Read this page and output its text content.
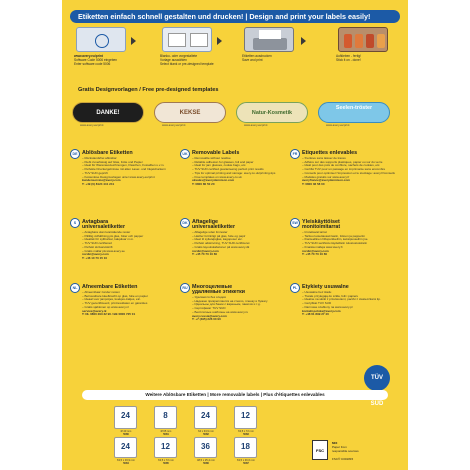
Etiketten einfach schnell gestalten und drucken! | Design and print your labels easily!
www.avery.eu/print
Software Code 5006 eingeben
Enter software code 5006
Blanko- oder vorgestaltete
Vorlage auswählen
Select blank or pre-designed template
Etiketten ausdrucken
Save and print
Aufkleben - fertig!
Stick it on - done!
Gratis Designvorlagen / Free pre-designed templates
DANKE!
www.avery.eu/print
KEKSE
www.avery.eu/print
Natur-Kosmetik
www.avery.eu/print
Seelen-tröster
www.avery.eu/print
DE Ablösbare Etiketten
– Rückstandsfrei ablösbar
– Klebt zuverlässig auf Glas, Folie und Papier
– Ideal für Warenauszeichnungen, Flaschen, Fotoalben u.v.m.
– Perfekte Druckergebnisse mit allen Laser- und Inkjetdruckern
– TÜV SÜD geprüft
– Kostenlose Designvorlagen unter www.avery.eu/print
kundenservice@avery.com
T: +49 (0) 8124 441 241
UK Removable Labels
– Removable without residue
– Reliable adhesion for glasses, foil and paper
– Ideal for jam glasses, cookie bags, etc.
– TÜV SÜD certified guaranteeing perfect print results
– Tips for optimal printing and storage: avery.co.uk/printing-tips
– Free templates on www.avery.co.uk
uksales@averydennison.com
T: 0800 80 50 20
FR Etiquettes enlevables
– S'enlève sans laisser de traces
– Adhère sur des supports plastiques, papier ou sur du verre
– Idéal pour des pots de confiture, sachets de cookies, etc.
– Certifié TÜV pour un passage en imprimante sans encombre
– Conseils pour optimiser l'impression et le stockage: avery.fr/conseils
– Modèles gratuits sur www.avery.fr
averyfrance@averydennison.com
T: 0800 36 58 00
S	Avtagbara
universaletiketter
– Avtagbara utan kvarstående rester
– Pålitlig vidhäftning på glas, folier och papper
– Idealisk för syltburkar, kakpåsar m.m.
– TÜV SÜD certifierad
– Perfekt skrivarutskrift
– Gratis mallar på www.avery.se
nordic@avery.com
T: +46 10 70 15 10
DK Aftagelige
universaletiketter
– Aftagelige uden limrester
– Hæfter fortrinligt på glas, folie og papir
– Ideel til syltetøjsglas, kagoposer etc.
– Perfekt udskrivning, TÜV SÜD certificeret
– Gratis layoutskabeloner på www.avery.dk
nordic@avery.com
T: +45 70 70 10 60
SW Yleiskäyttöiset
monitoimitarrat
– Irrotettavat tarrat
– Tarttuu luotettavasti lasiin, folioon ja papperiin
– Ihanteellinen hillopurkkeihin, keksipusseihin jne.
– TÜV SÜD sertifioitu täydellisiin tulostustuloksiin
– Ilmaisia malleja www.avery.fi
nordic@avery.com
T: +45 70 70 10 60
NL Afneembare Etiketten
– Afneembaar zonder resten
– Betrouwbare kleefkracht op glas, folie en papier
– Ideaal voor jampotjes, koekjes-zakjes, etc.
– TÜV gecertificeerd, printresultaten en garanties
– Gratis sjablonen op www.avery.nl
service@avery.nl
T: NL 0800 293 32 90 / BE 0800 725 01
RU Многоцелевые
удаляемые этикетки
– Удаляются без следов
– Надежно прикрепляются на стекло, пленку и бумагу
– Идеальны для банок с вареньем, пакетов и т.д.
– Сертификат TÜV SÜD
– Бесплатные шаблоны на www.avery.ru
avery.russia@avery.com
T: +7 (495) 226 00 90
PL Etykiety usuwalne
– Usuwalne bez śladu
– Trwale przylegają do szkła, folii i papieru
– Idealne na słoiki z przetworami, paczki z ciasteczkami itp.
– Certyfikat TÜV SÜD
– Darmowe szablony na www.avery.pl
kontakt.polska@avery.com
T: +48 61 899 27 40
TÜV SÜD
Weitere Ablösbare Etiketten | More removable labels | Plus d'étiquettes enlevables
24
Ø 40 mm
5080
8
Ø 65 mm
5081
24
64 x 33,9 mm
5082
12
63,5 x 72 mm
5083
24
63,5 x 33,9 mm
5084
12
63,5 x 72 mm
5085
36
48,5 x 25,4 mm
5086
18
63,5 x 46,6 mm
5087
FSC
MIX
Paper from
responsible sources
FSC® C001815
